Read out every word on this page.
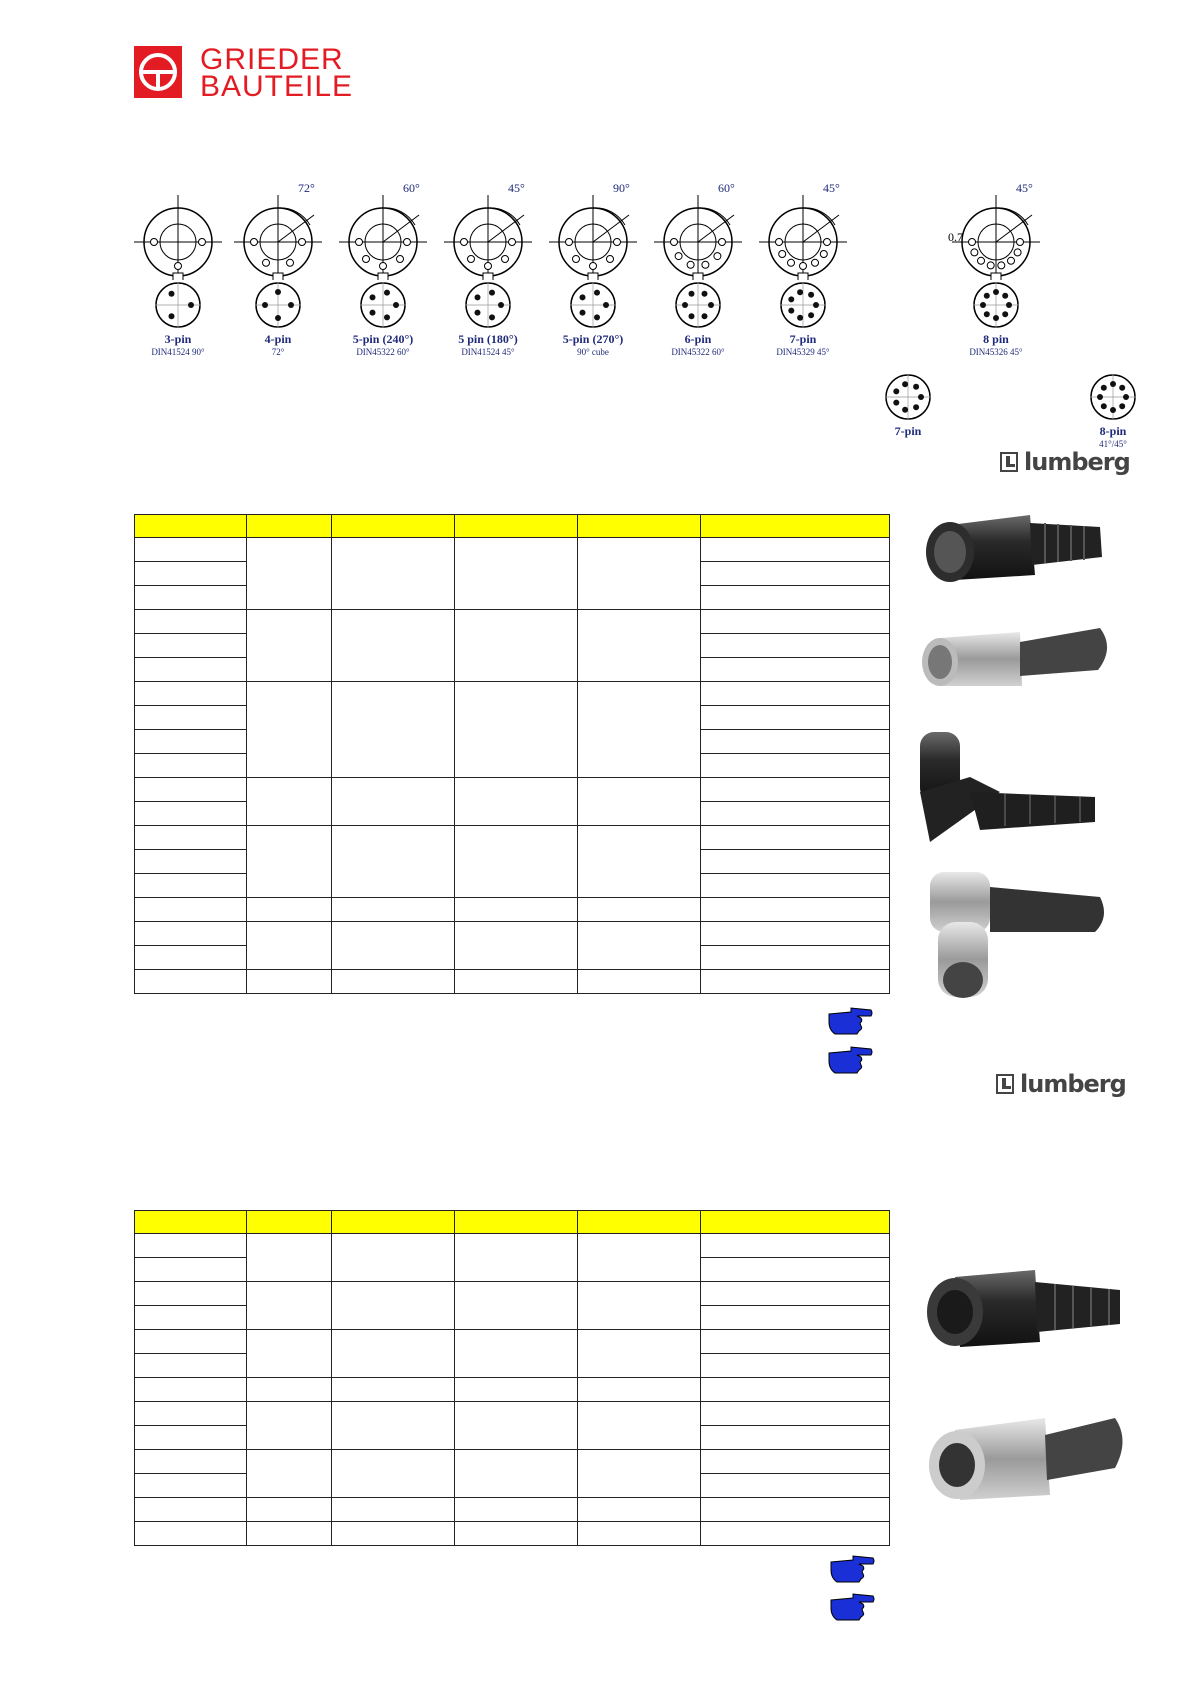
GRIEDER
BAUTEILE
3-pin
DIN41524 90°
72°
4-pin
72°
60°
5-pin (240°)
DIN45322 60°
45°
5 pin (180°)
DIN41524 45°
90°
5-pin (270°)
90° cube
60°
6-pin
DIN45322 60°
45°
7-pin
DIN45329 45°
7-pin
45°
0.7
8 pin
DIN45326 45°
8-pin
41°/45°
lumberg

lumberg
